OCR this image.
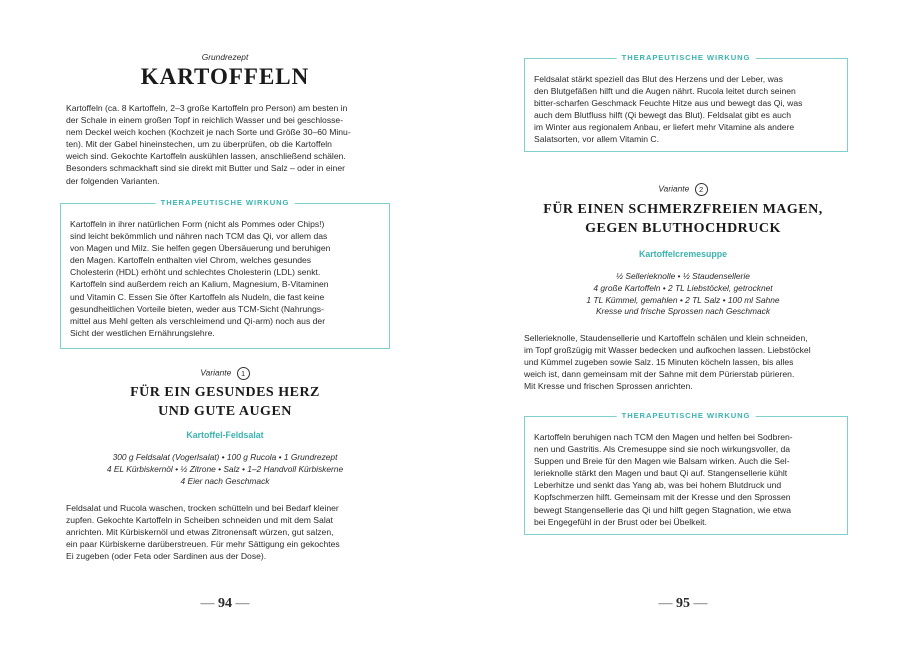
Grundrezept
KARTOFFELN

Kartoffeln (ca. 8 Kartoffeln, 2–3 große Kartoffeln pro Person) am besten in

der Schale in einem großen Topf in reichlich Wasser und bei geschlosse-

nem Deckel weich kochen (Kochzeit je nach Sorte und Größe 30–60 Minu-

ten). Mit der Gabel hineinstechen, um zu überprüfen, ob die Kartoffeln

weich sind. Gekochte Kartoffeln auskühlen lassen, anschließend schälen.

Besonders schmackhaft sind sie direkt mit Butter und Salz – oder in einer

der folgenden Varianten.

THERAPEUTISCHE WIRKUNG

Kartoffeln in ihrer natürlichen Form (nicht als Pommes oder Chips!)

sind leicht bekömmlich und nähren nach TCM das Qi, vor allem das

von Magen und Milz. Sie helfen gegen Übersäuerung und beruhigen

den Magen. Kartoffeln enthalten viel Chrom, welches gesundes

Cholesterin (HDL) erhöht und schlechtes Cholesterin (LDL) senkt.

Kartoffeln sind außerdem reich an Kalium, Magnesium, B-Vitaminen

und Vitamin C. Essen Sie öfter Kartoffeln als Nudeln, die fast keine

gesundheitlichen Vorteile bieten, weder aus TCM-Sicht (Nahrungs-

mittel aus Mehl gelten als verschleimend und Qi-arm) noch aus der

Sicht der westlichen Ernährungslehre.

Variante 1
FÜR EIN GESUNDES HERZ
UND GUTE AUGEN
Kartoffel-Feldsalat
300 g Feldsalat (Vogerlsalat) • 100 g Rucola • 1 Grundrezept
4 EL Kürbiskernöl • ½ Zitrone • Salz • 1–2 Handvoll Kürbiskerne
4 Eier nach Geschmack

Feldsalat und Rucola waschen, trocken schütteln und bei Bedarf kleiner

zupfen. Gekochte Kartoffeln in Scheiben schneiden und mit dem Salat

anrichten. Mit Kürbiskernöl und etwas Zitronensaft würzen, gut salzen,

ein paar Kürbiskerne darüberstreuen. Für mehr Sättigung ein gekochtes

Ei zugeben (oder Feta oder Sardinen aus der Dose).

— 94 —
THERAPEUTISCHE WIRKUNG

Feldsalat stärkt speziell das Blut des Herzens und der Leber, was

den Blutgefäßen hilft und die Augen nährt. Rucola leitet durch seinen

bitter-scharfen Geschmack Feuchte Hitze aus und bewegt das Qi, was

auch dem Blutfluss hilft (Qi bewegt das Blut). Feldsalat gibt es auch

im Winter aus regionalem Anbau, er liefert mehr Vitamine als andere

Salatsorten, vor allem Vitamin C.

Variante 2
FÜR EINEN SCHMERZFREIEN MAGEN,
GEGEN BLUTHOCHDRUCK
Kartoffelcremesuppe
½ Sellerieknolle • ½ Staudensellerie
4 große Kartoffeln • 2 TL Liebstöckel, getrocknet
1 TL Kümmel, gemahlen • 2 TL Salz • 100 ml Sahne
Kresse und frische Sprossen nach Geschmack

Sellerieknolle, Staudensellerie und Kartoffeln schälen und klein schneiden,

im Topf großzügig mit Wasser bedecken und aufkochen lassen. Liebstöckel

und Kümmel zugeben sowie Salz. 15 Minuten köcheln lassen, bis alles

weich ist, dann gemeinsam mit der Sahne mit dem Pürierstab pürieren.

Mit Kresse und frischen Sprossen anrichten.

THERAPEUTISCHE WIRKUNG

Kartoffeln beruhigen nach TCM den Magen und helfen bei Sodbren-

nen und Gastritis. Als Cremesuppe sind sie noch wirkungsvoller, da

Suppen und Breie für den Magen wie Balsam wirken. Auch die Sel-

lerieknolle stärkt den Magen und baut Qi auf. Stangensellerie kühlt

Leberhitze und senkt das Yang ab, was bei hohem Blutdruck und

Kopfschmerzen hilft. Gemeinsam mit der Kresse und den Sprossen

bewegt Stangensellerie das Qi und hilft gegen Stagnation, wie etwa

bei Engegefühl in der Brust oder bei Übelkeit.

— 95 —
